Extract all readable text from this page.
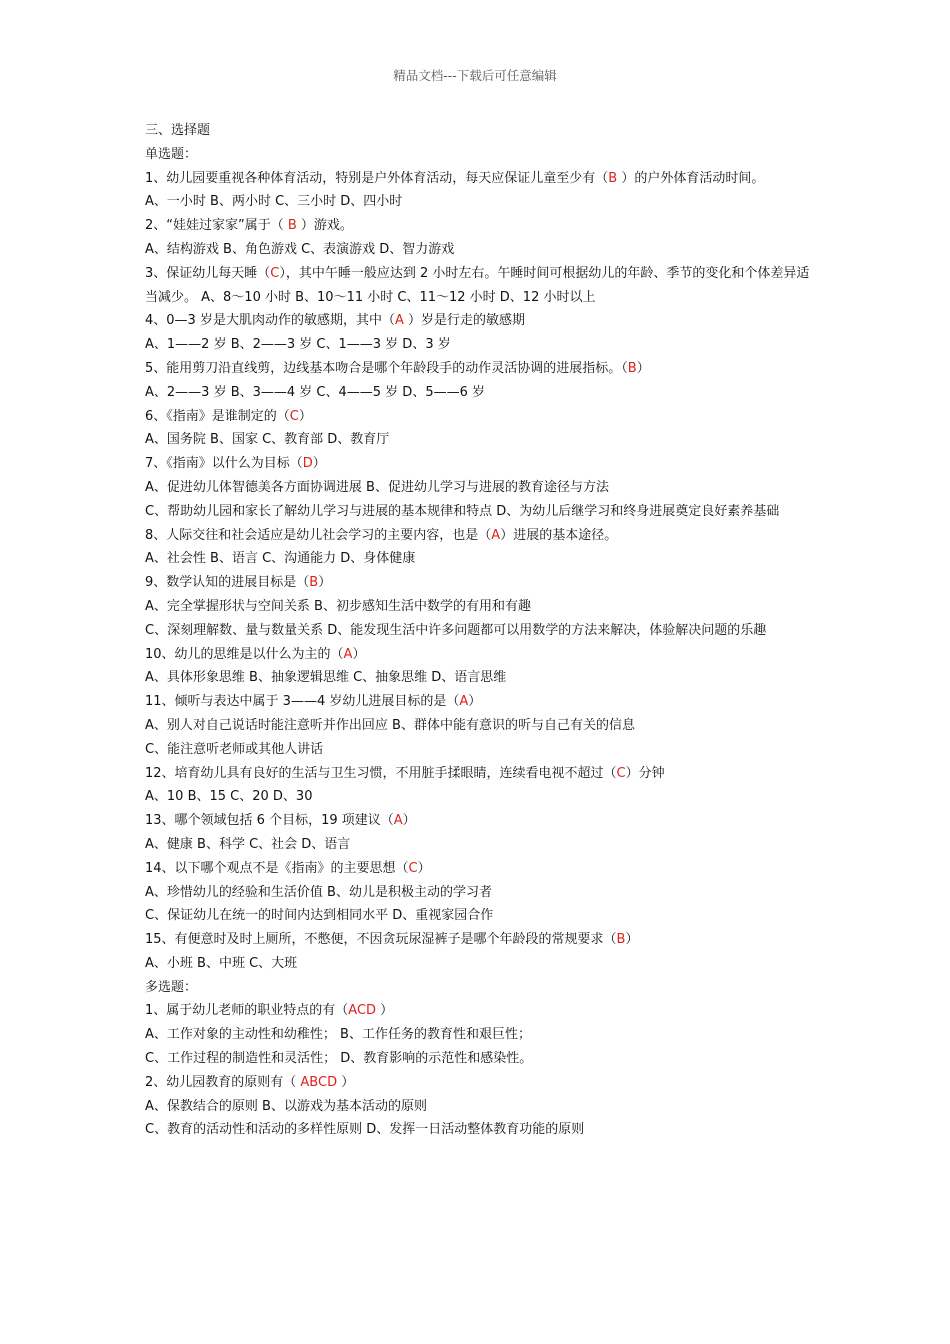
精品文档---下载后可任意编辑
三、选择题
单选题：
1、幼儿园要重视各种体育活动，特别是户外体育活动，每天应保证儿童至少有（B ）的户外体育活动时间。
A、一小时 B、两小时 C、三小时 D、四小时
2、“娃娃过家家”属于（ B ）游戏。
A、结构游戏 B、角色游戏 C、表演游戏 D、智力游戏
3、保证幼儿每天睡（C），其中午睡一般应达到 2 小时左右。午睡时间可根据幼儿的年龄、季节的变化和个体差异适当减少。 A、8～10 小时 B、10～11 小时 C、11～12 小时 D、12 小时以上
4、0—3 岁是大肌肉动作的敏感期，其中（A ）岁是行走的敏感期
A、1——2 岁 B、2——3 岁 C、1——3 岁 D、3 岁
5、能用剪刀沿直线剪，边线基本吻合是哪个年龄段手的动作灵活协调的进展指标。（B）
A、2——3 岁 B、3——4 岁 C、4——5 岁 D、5——6 岁
6、《指南》是谁制定的（C）
A、国务院 B、国家 C、教育部 D、教育厅
7、《指南》以什么为目标（D）
A、促进幼儿体智德美各方面协调进展 B、促进幼儿学习与进展的教育途径与方法
C、帮助幼儿园和家长了解幼儿学习与进展的基本规律和特点 D、为幼儿后继学习和终身进展奠定良好素养基础
8、人际交往和社会适应是幼儿社会学习的主要内容，也是（A）进展的基本途径。
A、社会性 B、语言 C、沟通能力 D、身体健康
9、数学认知的进展目标是（B）
A、完全掌握形状与空间关系 B、初步感知生活中数学的有用和有趣
C、深刻理解数、量与数量关系 D、能发现生活中许多问题都可以用数学的方法来解决，体验解决问题的乐趣
10、幼儿的思维是以什么为主的（A）
A、具体形象思维 B、抽象逻辑思维 C、抽象思维 D、语言思维
11、倾听与表达中属于 3——4 岁幼儿进展目标的是（A）
A、别人对自己说话时能注意听并作出回应 B、群体中能有意识的听与自己有关的信息
C、能注意听老师或其他人讲话
12、培育幼儿具有良好的生活与卫生习惯，不用脏手揉眼睛，连续看电视不超过（C）分钟
A、10 B、15 C、20 D、30
13、哪个领域包括 6 个目标，19 项建议（A）
A、健康 B、科学 C、社会 D、语言
14、以下哪个观点不是《指南》的主要思想（C）
A、珍惜幼儿的经验和生活价值 B、幼儿是积极主动的学习者
C、保证幼儿在统一的时间内达到相同水平 D、重视家园合作
15、有便意时及时上厕所，不憋便，不因贪玩尿湿裤子是哪个年龄段的常规要求（B）
A、小班 B、中班 C、大班
多选题：
1、属于幼儿老师的职业特点的有（ACD ）
A、工作对象的主动性和幼稚性； B、工作任务的教育性和艰巨性；
C、工作过程的制造性和灵活性； D、教育影响的示范性和感染性。
2、幼儿园教育的原则有（ ABCD ）
A、保教结合的原则 B、以游戏为基本活动的原则
C、教育的活动性和活动的多样性原则 D、发挥一日活动整体教育功能的原则
